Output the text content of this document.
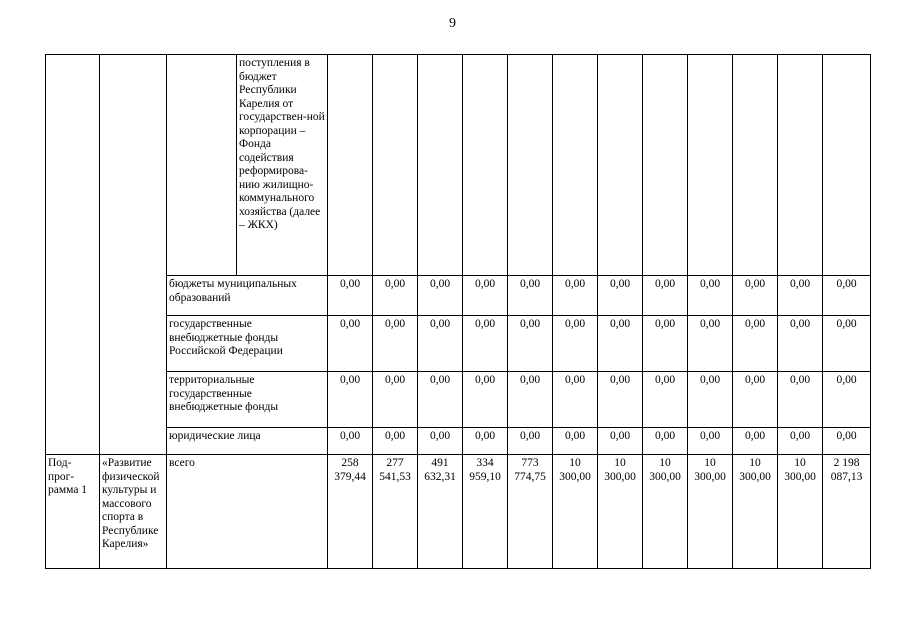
9
			поступления в бюджет Республики Карелия от государствен-ной корпорации – Фонда содействия реформирова-нию жилищно-коммунального хозяйства (далее – ЖКХ)												
		бюджеты муниципальных образований		0,00	0,00	0,00	0,00	0,00	0,00	0,00	0,00	0,00	0,00	0,00	0,00
		государственные внебюджетные фонды Российской Федерации		0,00	0,00	0,00	0,00	0,00	0,00	0,00	0,00	0,00	0,00	0,00	0,00
		территориальные государственные внебюджетные фонды		0,00	0,00	0,00	0,00	0,00	0,00	0,00	0,00	0,00	0,00	0,00	0,00
		юридические лица		0,00	0,00	0,00	0,00	0,00	0,00	0,00	0,00	0,00	0,00	0,00	0,00
Под-прог-рамма 1	«Развитие физической культуры и массового спорта в Республике Карелия»	всего		258 379,44	277 541,53	491 632,31	334 959,10	773 774,75	10 300,00	10 300,00	10 300,00	10 300,00	10 300,00	10 300,00	2 198 087,13
